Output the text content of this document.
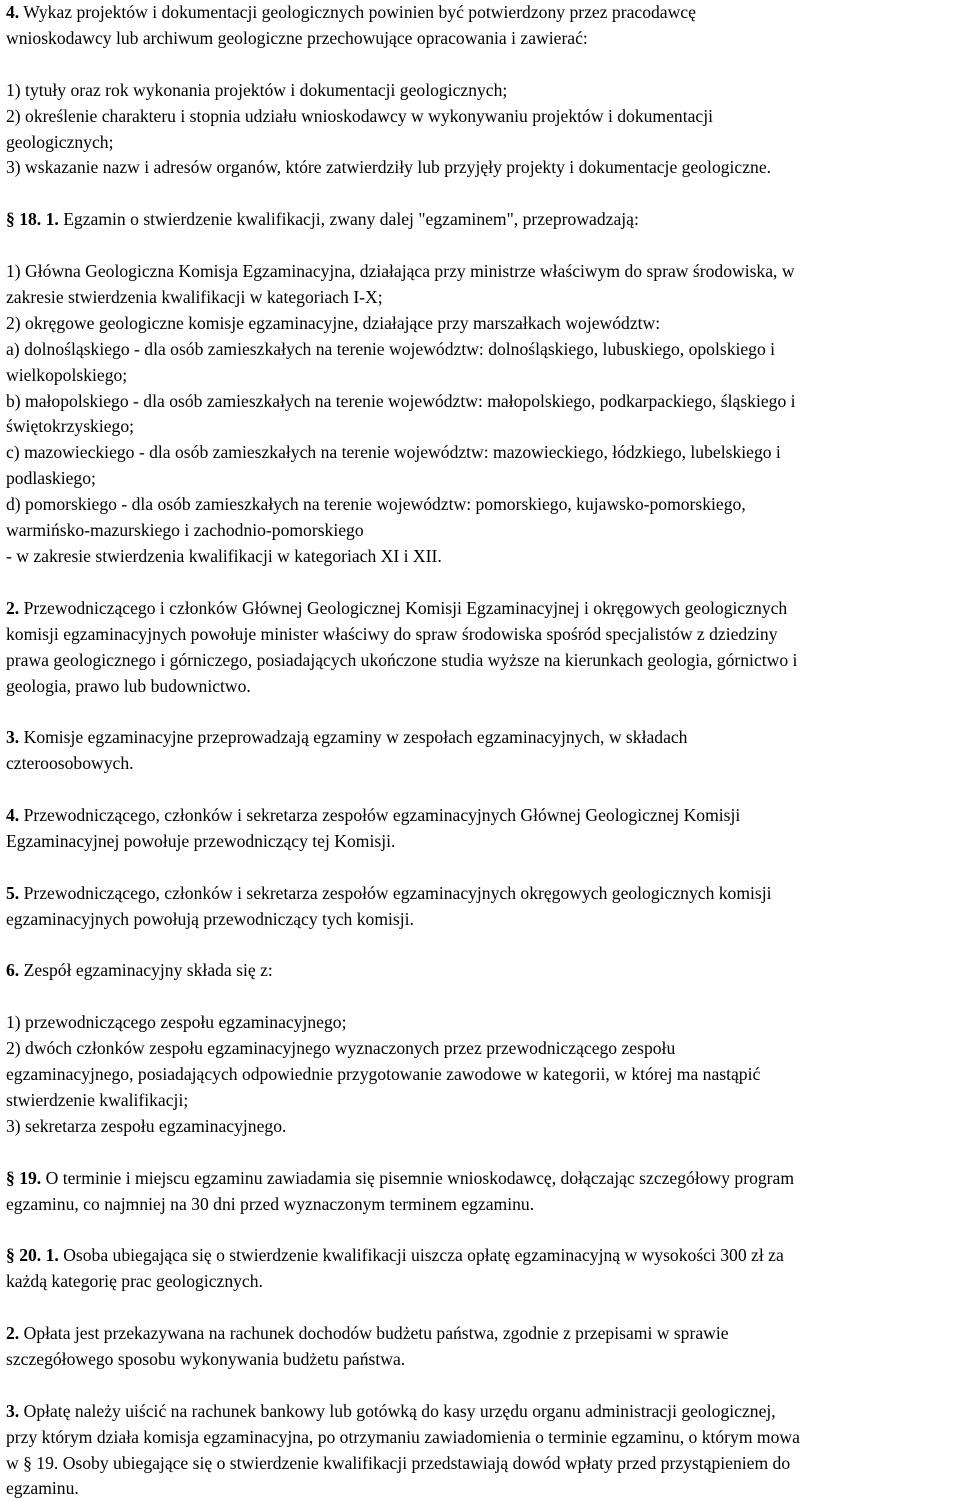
4. Wykaz projektów i dokumentacji geologicznych powinien być potwierdzony przez pracodawcę
wnioskodawcy lub archiwum geologiczne przechowujące opracowania i zawierać:
1) tytuły oraz rok wykonania projektów i dokumentacji geologicznych;
2) określenie charakteru i stopnia udziału wnioskodawcy w wykonywaniu projektów i dokumentacji
geologicznych;
3) wskazanie nazw i adresów organów, które zatwierdziły lub przyjęły projekty i dokumentacje geologiczne.
§ 18. 1. Egzamin o stwierdzenie kwalifikacji, zwany dalej "egzaminem", przeprowadzają:
1) Główna Geologiczna Komisja Egzaminacyjna, działająca przy ministrze właściwym do spraw środowiska, w
zakresie stwierdzenia kwalifikacji w kategoriach I-X;
2) okręgowe geologiczne komisje egzaminacyjne, działające przy marszałkach województw:
a) dolnośląskiego - dla osób zamieszkałych na terenie województw: dolnośląskiego, lubuskiego, opolskiego i
wielkopolskiego;
b) małopolskiego - dla osób zamieszkałych na terenie województw: małopolskiego, podkarpackiego, śląskiego i
świętokrzyskiego;
c) mazowieckiego - dla osób zamieszkałych na terenie województw: mazowieckiego, łódzkiego, lubelskiego i
podlaskiego;
d) pomorskiego - dla osób zamieszkałych na terenie województw: pomorskiego, kujawsko-pomorskiego,
warmińsko-mazurskiego i zachodnio-pomorskiego
- w zakresie stwierdzenia kwalifikacji w kategoriach XI i XII.
2. Przewodniczącego i członków Głównej Geologicznej Komisji Egzaminacyjnej i okręgowych geologicznych
komisji egzaminacyjnych powołuje minister właściwy do spraw środowiska spośród specjalistów z dziedziny
prawa geologicznego i górniczego, posiadających ukończone studia wyższe na kierunkach geologia, górnictwo i
geologia, prawo lub budownictwo.
3. Komisje egzaminacyjne przeprowadzają egzaminy w zespołach egzaminacyjnych, w składach
czteroosobowych.
4. Przewodniczącego, członków i sekretarza zespołów egzaminacyjnych Głównej Geologicznej Komisji
Egzaminacyjnej powołuje przewodniczący tej Komisji.
5. Przewodniczącego, członków i sekretarza zespołów egzaminacyjnych okręgowych geologicznych komisji
egzaminacyjnych powołują przewodniczący tych komisji.
6. Zespół egzaminacyjny składa się z:
1) przewodniczącego zespołu egzaminacyjnego;
2) dwóch członków zespołu egzaminacyjnego wyznaczonych przez przewodniczącego zespołu
egzaminacyjnego, posiadających odpowiednie przygotowanie zawodowe w kategorii, w której ma nastąpić
stwierdzenie kwalifikacji;
3) sekretarza zespołu egzaminacyjnego.
§ 19. O terminie i miejscu egzaminu zawiadamia się pisemnie wnioskodawcę, dołączając szczegółowy program
egzaminu, co najmniej na 30 dni przed wyznaczonym terminem egzaminu.
§ 20. 1. Osoba ubiegająca się o stwierdzenie kwalifikacji uiszcza opłatę egzaminacyjną w wysokości 300 zł za
każdą kategorię prac geologicznych.
2. Opłata jest przekazywana na rachunek dochodów budżetu państwa, zgodnie z przepisami w sprawie
szczegółowego sposobu wykonywania budżetu państwa.
3. Opłatę należy uiścić na rachunek bankowy lub gotówką do kasy urzędu organu administracji geologicznej,
przy którym działa komisja egzaminacyjna, po otrzymaniu zawiadomienia o terminie egzaminu, o którym mowa
w § 19. Osoby ubiegające się o stwierdzenie kwalifikacji przedstawiają dowód wpłaty przed przystąpieniem do
egzaminu.
